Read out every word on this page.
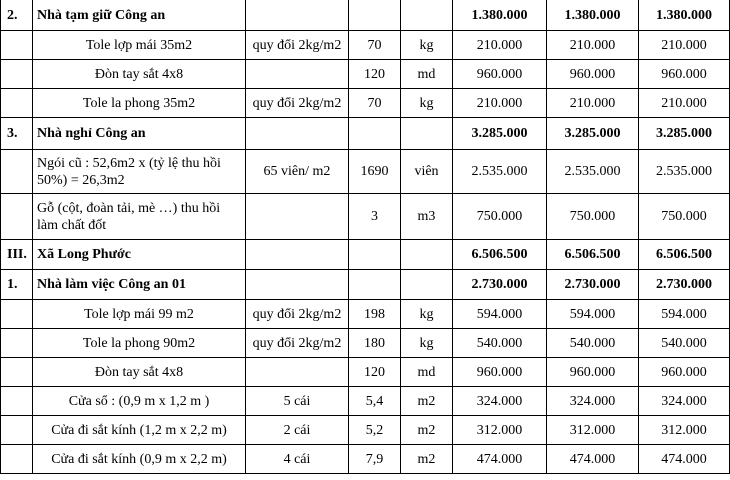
2.	Nhà tạm giữ Công an				1.380.000	1.380.000	1.380.000
	Tole lợp mái 35m2	quy đổi 2kg/m2	70	kg	210.000	210.000	210.000
	Đòn tay sắt 4x8		120	md	960.000	960.000	960.000
	Tole la phong 35m2	quy đổi 2kg/m2	70	kg	210.000	210.000	210.000
3.	Nhà nghỉ Công an				3.285.000	3.285.000	3.285.000
	Ngói cũ : 52,6m2 x (tỷ lệ thu hồi 50%) = 26,3m2	65 viên/ m2	1690	viên	2.535.000	2.535.000	2.535.000
	Gỗ (cột, đoàn tải, mè …) thu hồi làm chất đốt		3	m3	750.000	750.000	750.000
III.	Xã Long Phước				6.506.500	6.506.500	6.506.500
1.	Nhà làm việc Công an 01				2.730.000	2.730.000	2.730.000
	Tole lợp mái 99 m2	quy đổi 2kg/m2	198	kg	594.000	594.000	594.000
	Tole la phong 90m2	quy đổi 2kg/m2	180	kg	540.000	540.000	540.000
	Đòn tay sắt 4x8		120	md	960.000	960.000	960.000
	Cửa sổ : (0,9 m x 1,2 m )	5 cái	5,4	m2	324.000	324.000	324.000
	Cửa đi sắt kính (1,2 m x 2,2 m)	2 cái	5,2	m2	312.000	312.000	312.000
	Cửa đi sắt kính (0,9 m x 2,2 m)	4 cái	7,9	m2	474.000	474.000	474.000
